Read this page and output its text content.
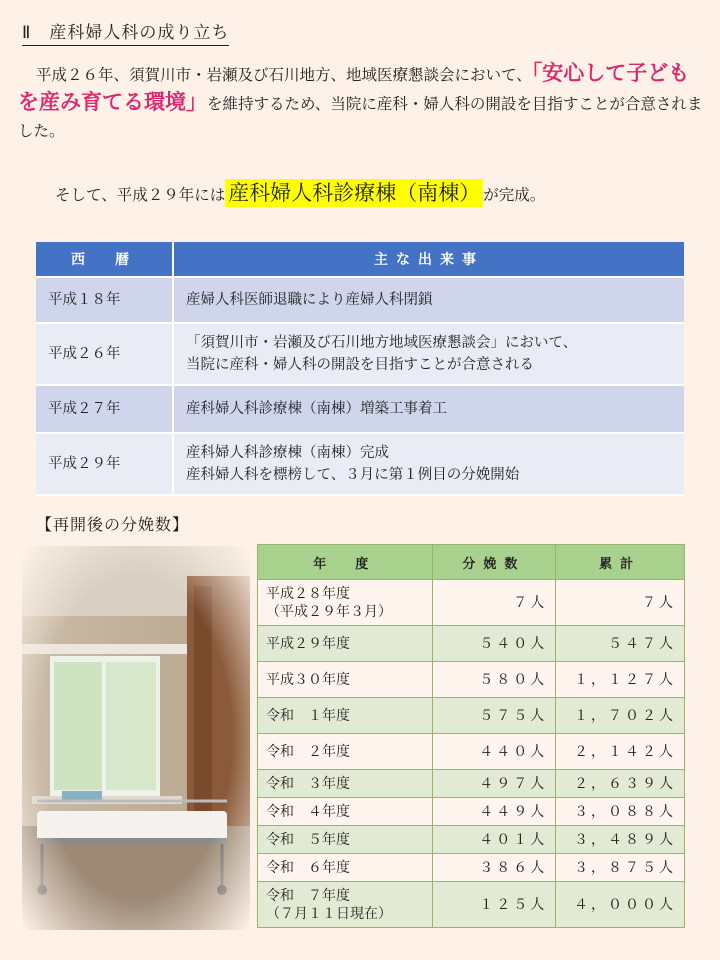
Ⅱ　産科婦人科の成り立ち
平成２６年、須賀川市・岩瀬及び石川地方、地域医療懇談会において、「安心して子どもを産み育てる環境」を維持するため、当院に産科・婦人科の開設を目指すことが合意されました。
そして、平成２９年には 産科婦人科診療棟（南棟） が完成。
西　暦	主な出来事
平成１８年	産婦人科医師退職により産婦人科閉鎖

平成２６年	「須賀川市・岩瀬及び石川地方地域医療懇談会」において、
当院に産科・婦人科の開設を目指すことが合意される

平成２７年	産科婦人科診療棟（南棟）増築工事着工

平成２９年	産科婦人科診療棟（南棟）完成
産科婦人科を標榜して、３月に第１例目の分娩開始
【再開後の分娩数】
年　度	分娩数	累計

平成２８年度
（平成２９年３月）	７人	７人

平成２９年度	５４０人	５４７人

平成３０年度	５８０人	１，１２７人

令和　１年度	５７５人	１，７０２人

令和　２年度	４４０人	２，１４２人

令和　３年度	４９７人	２，６３９人

令和　４年度	４４９人	３，０８８人

令和　５年度	４０１人	３，４８９人

令和　６年度	３８６人	３，８７５人

令和　７年度
（７月１１日現在）	１２５人	４，０００人
